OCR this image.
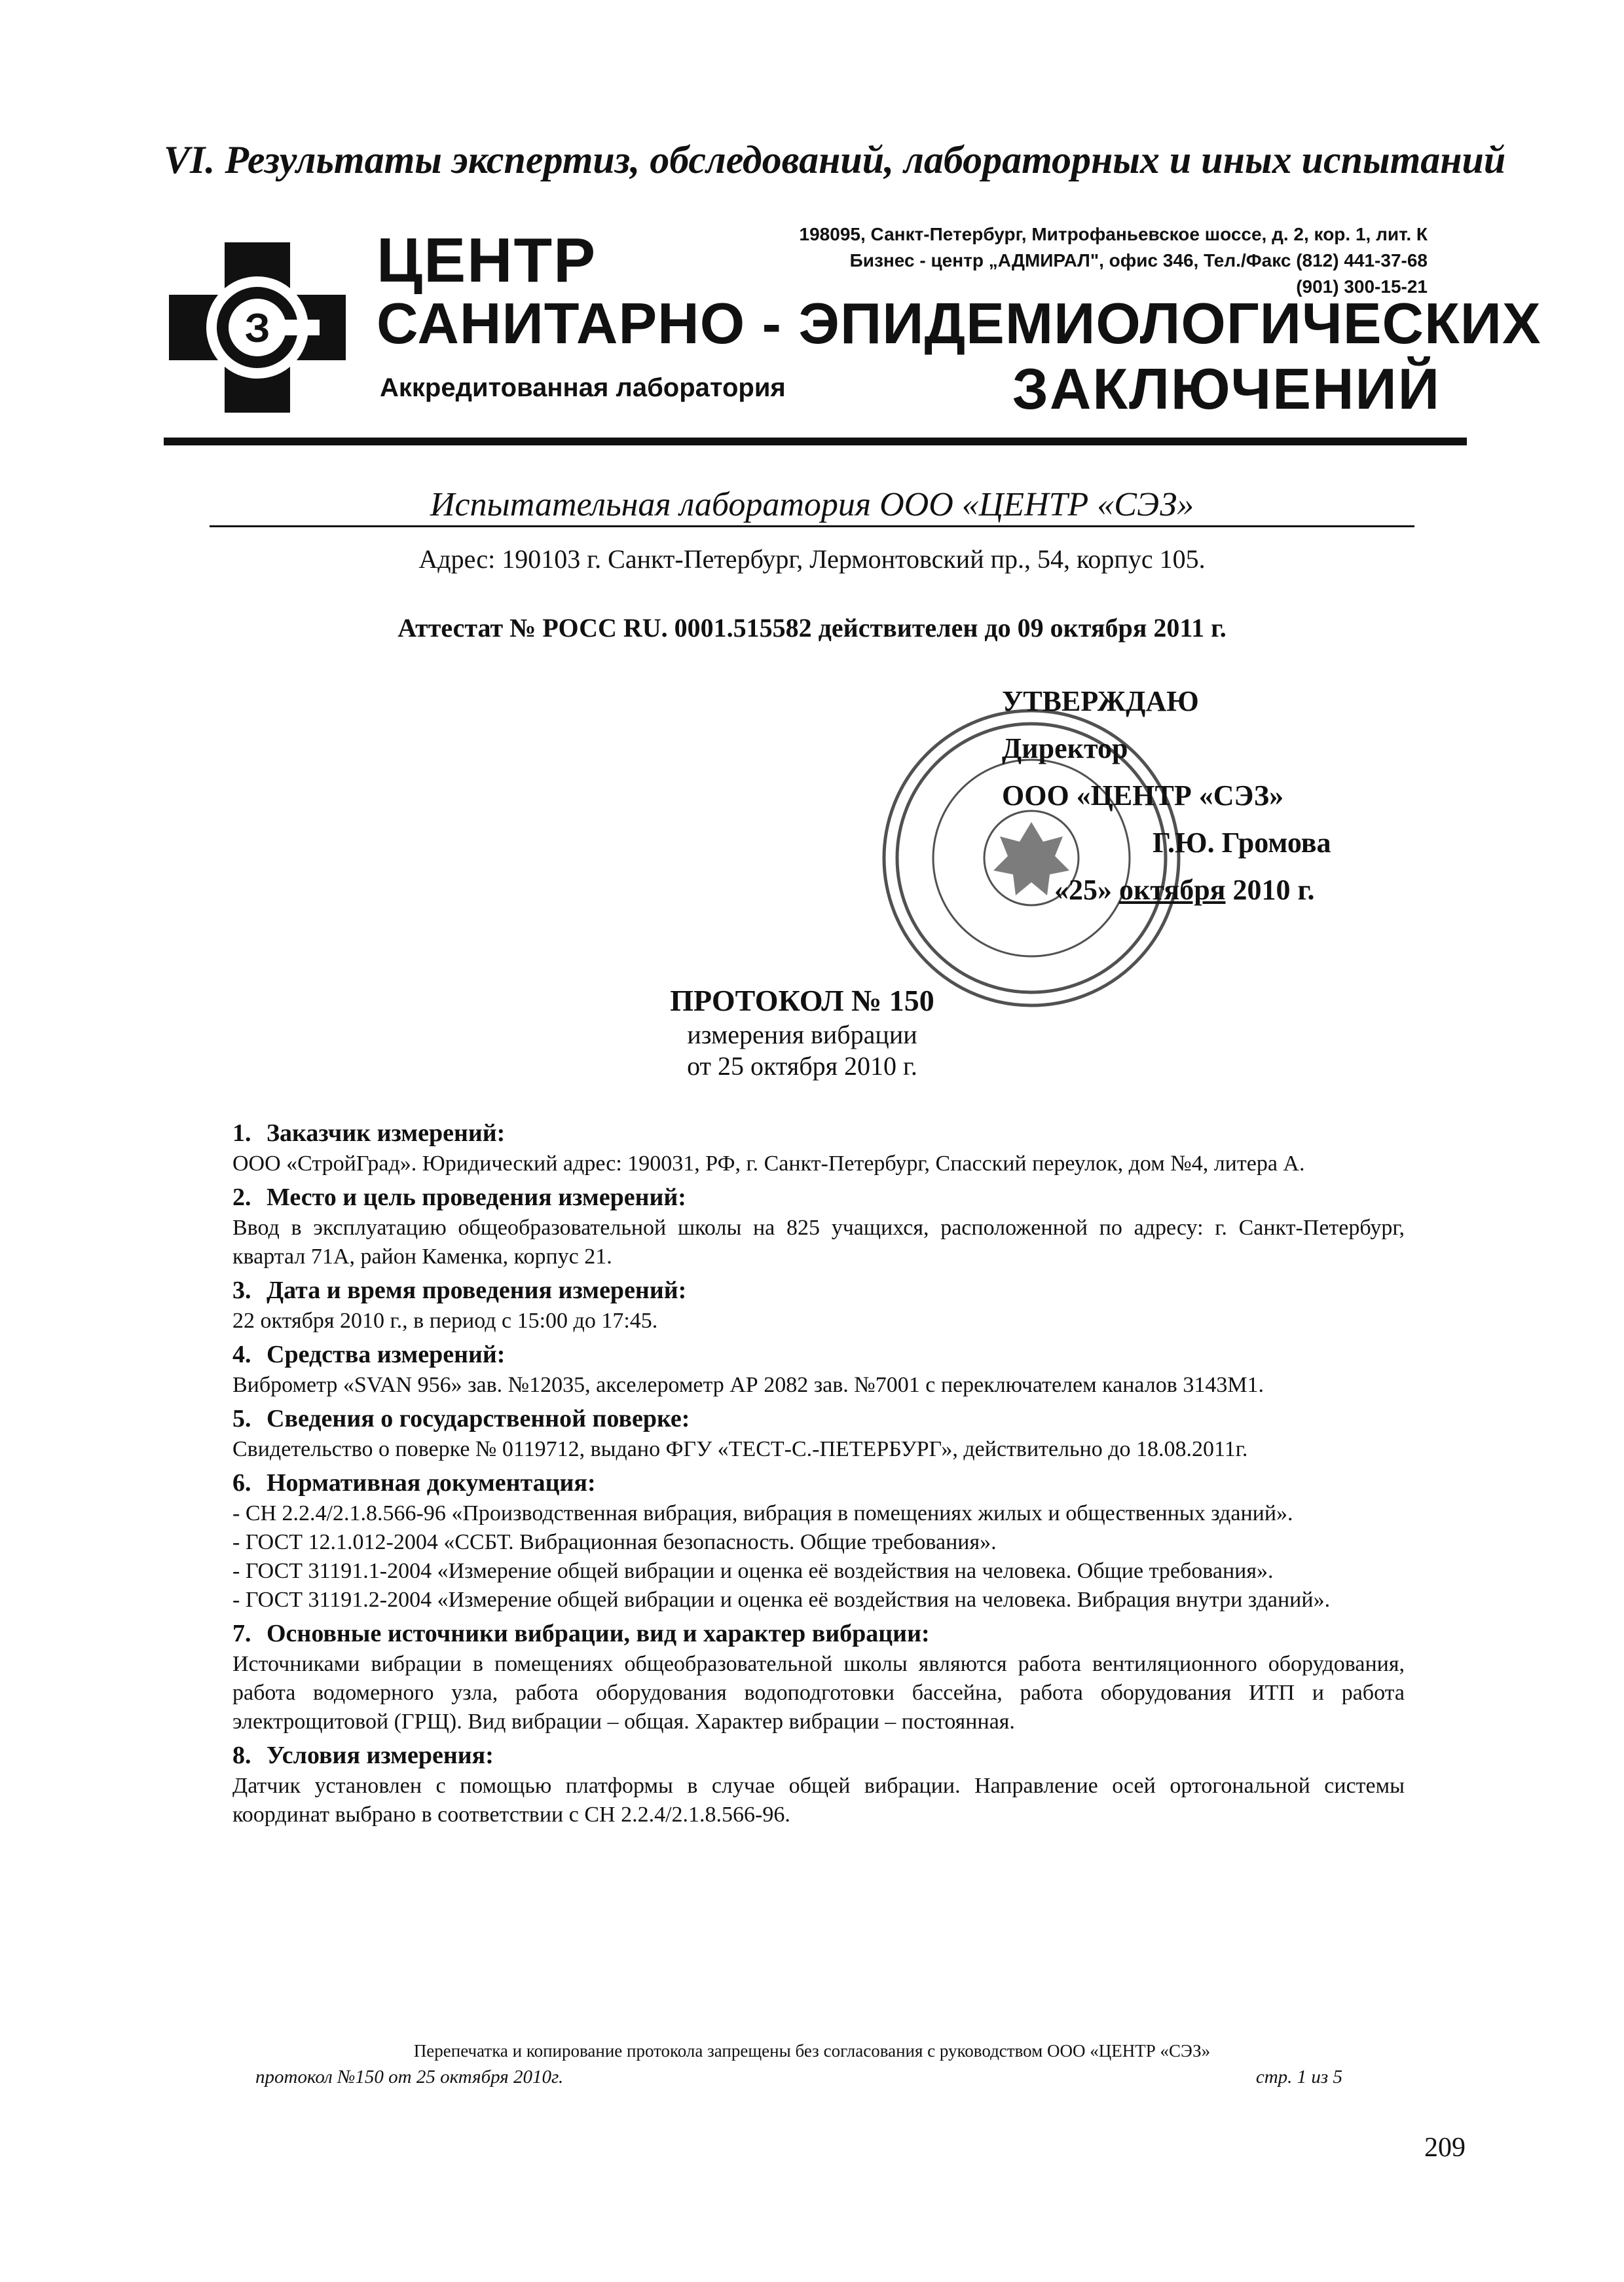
VI. Результаты экспертиз, обследований, лабораторных и иных испытаний
З
ЦЕНТР	198095, Санкт-Петербург, Митрофаньевское шоссе, д. 2, кор. 1, лит. К
Бизнес - центр „АДМИРАЛ", офис 346, Тел./Факс (812) 441-37-68
(901) 300-15-21
САНИТАРНО - ЭПИДЕМИОЛОГИЧЕСКИХ
Аккредитованная лаборатория	ЗАКЛЮЧЕНИЙ
Испытательная лаборатория ООО «ЦЕНТР «СЭЗ»
Адрес: 190103 г. Санкт-Петербург, Лермонтовский пр., 54, корпус 105.
Аттестат № РОСС RU. 0001.515582 действителен до 09 октября 2011 г.
УТВЕРЖДАЮ
Директор
ООО «ЦЕНТР «СЭЗ»
Г.Ю. Громова
«25» октября 2010 г.
ПРОТОКОЛ № 150
измерения вибрации
от 25 октября 2010 г.
1. Заказчик измерений:

ООО «СтройГрад». Юридический адрес: 190031, РФ, г. Санкт-Петербург, Спасский переулок, дом №4, литера А.

2. Место и цель проведения измерений:

Ввод в эксплуатацию общеобразовательной школы на 825 учащихся, расположенной по адресу: г. Санкт-Петербург, квартал 71А, район Каменка, корпус 21.

3. Дата и время проведения измерений:

22 октября 2010 г., в период с 15:00 до 17:45.

4. Средства измерений:

Виброметр «SVAN 956» зав. №12035, акселерометр АР 2082 зав. №7001 с переключателем каналов 3143М1.

5. Сведения о государственной поверке:

Свидетельство о поверке № 0119712, выдано ФГУ «ТЕСТ-С.-ПЕТЕРБУРГ», действительно до 18.08.2011г.

6. Нормативная документация:

- СН 2.2.4/2.1.8.566-96 «Производственная вибрация, вибрация в помещениях жилых и общественных зданий».

- ГОСТ 12.1.012-2004 «ССБТ. Вибрационная безопасность. Общие требования».

- ГОСТ 31191.1-2004 «Измерение общей вибрации и оценка её воздействия на человека. Общие требования».

- ГОСТ 31191.2-2004 «Измерение общей вибрации и оценка её воздействия на человека. Вибрация внутри зданий».

7. Основные источники вибрации, вид и характер вибрации:

Источниками вибрации в помещениях общеобразовательной школы являются работа вентиляционного оборудования, работа водомерного узла, работа оборудования водоподготовки бассейна, работа оборудования ИТП и работа электрощитовой (ГРЩ). Вид вибрации – общая. Характер вибрации – постоянная.

8. Условия измерения:

Датчик установлен с помощью платформы в случае общей вибрации. Направление осей ортогональной системы координат выбрано в соответствии с СН 2.2.4/2.1.8.566-96.

Перепечатка и копирование протокола запрещены без согласования с руководством ООО «ЦЕНТР «СЭЗ»
протокол №150 от 25 октября 2010г.	стр. 1 из 5
209
